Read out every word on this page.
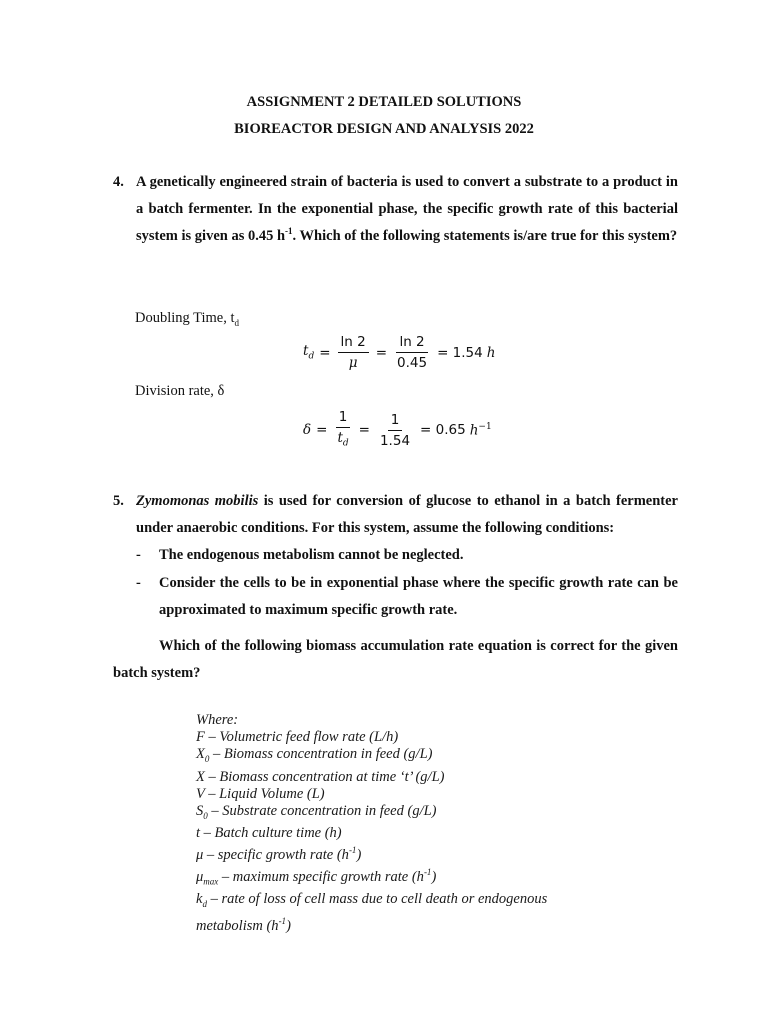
ASSIGNMENT 2 DETAILED SOLUTIONS
BIOREACTOR DESIGN AND ANALYSIS 2022
4. A genetically engineered strain of bacteria is used to convert a substrate to a product in a batch fermenter. In the exponential phase, the specific growth rate of this bacterial system is given as 0.45 $h^{-1}$. Which of the following statements is/are true for this system?

Doubling Time, $t_d$
$t_d = \frac{\ln 2}{\mu} = \frac{\ln 2}{0.45} = 1.54$ h
Division rate, δ
$\delta = \frac{1}{t_d} = \frac{1}{1.54} = 0.65$ $h^{-1}$
5. Zymomonas mobilis is used for conversion of glucose to ethanol in a batch fermenter under anaerobic conditions. For this system, assume the following conditions:

- The endogenous metabolism cannot be neglected.

- Consider the cells to be in exponential phase where the specific growth rate can be approximated to maximum specific growth rate.

Which of the following biomass accumulation rate equation is correct for the given batch system?

Where:
F – Volumetric feed flow rate (L/h)
$X_0$ – Biomass concentration in feed (g/L)
X – Biomass concentration at time ‘t’ (g/L)
V – Liquid Volume (L)
$S_0$ – Substrate concentration in feed (g/L)
t – Batch culture time (h)
μ – specific growth rate $(h^{-1})$
$\mu_{max}$ – maximum specific growth rate $(h^{-1})$
$k_d$ – rate of loss of cell mass due to cell death or endogenous
metabolism $(h^{-1})$
